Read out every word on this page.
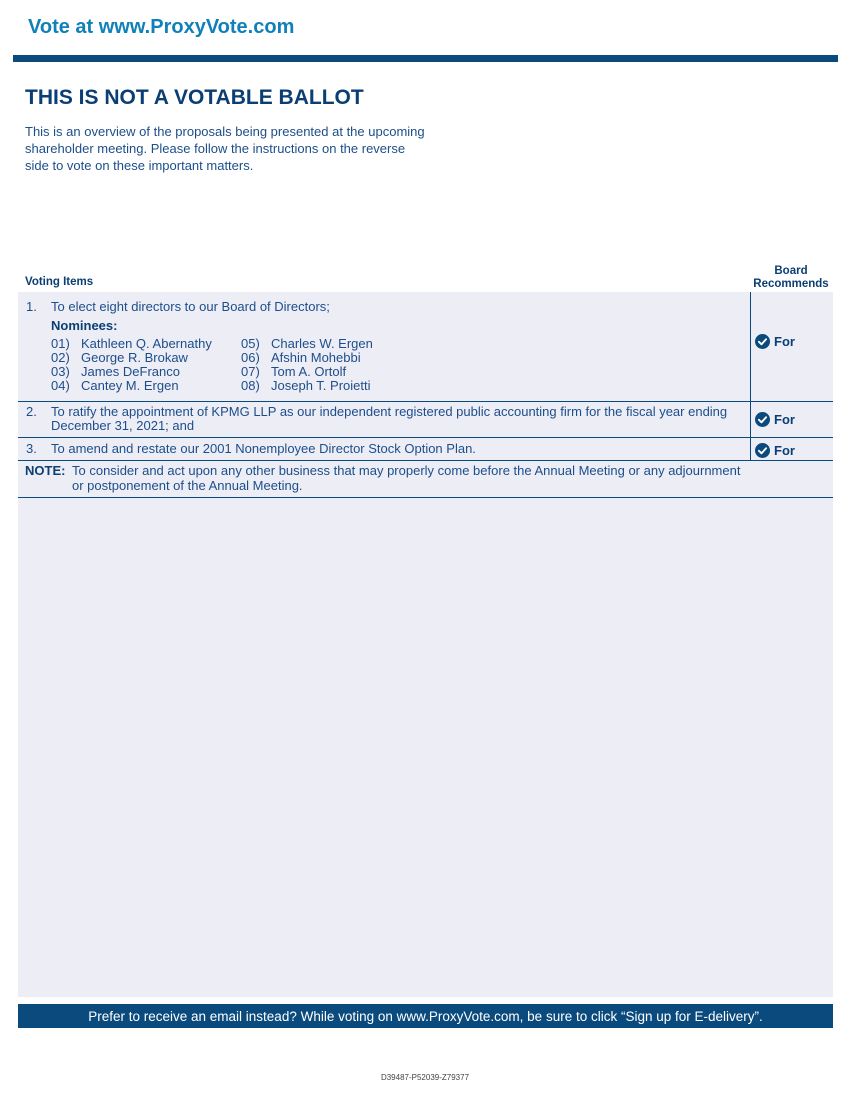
Vote at www.ProxyVote.com
THIS IS NOT A VOTABLE BALLOT
This is an overview of the proposals being presented at the upcoming shareholder meeting. Please follow the instructions on the reverse side to vote on these important matters.
Voting Items
Board
Recommends
1. To elect eight directors to our Board of Directors;
Nominees:
01) Kathleen Q. Abernathy
02) George R. Brokaw
03) James DeFranco
04) Cantey M. Ergen
05) Charles W. Ergen
06) Afshin Mohebbi
07) Tom A. Ortolf
08) Joseph T. Proietti
For
2. To ratify the appointment of KPMG LLP as our independent registered public accounting firm for the fiscal year ending
December 31, 2021; and	For
3. To amend and restate our 2001 Nonemployee Director Stock Option Plan.	For
NOTE: To consider and act upon any other business that may properly come before the Annual Meeting or any adjournment
or postponement of the Annual Meeting.
Prefer to receive an email instead? While voting on www.ProxyVote.com, be sure to click “Sign up for E-delivery”.
D39487-P52039-Z79377
